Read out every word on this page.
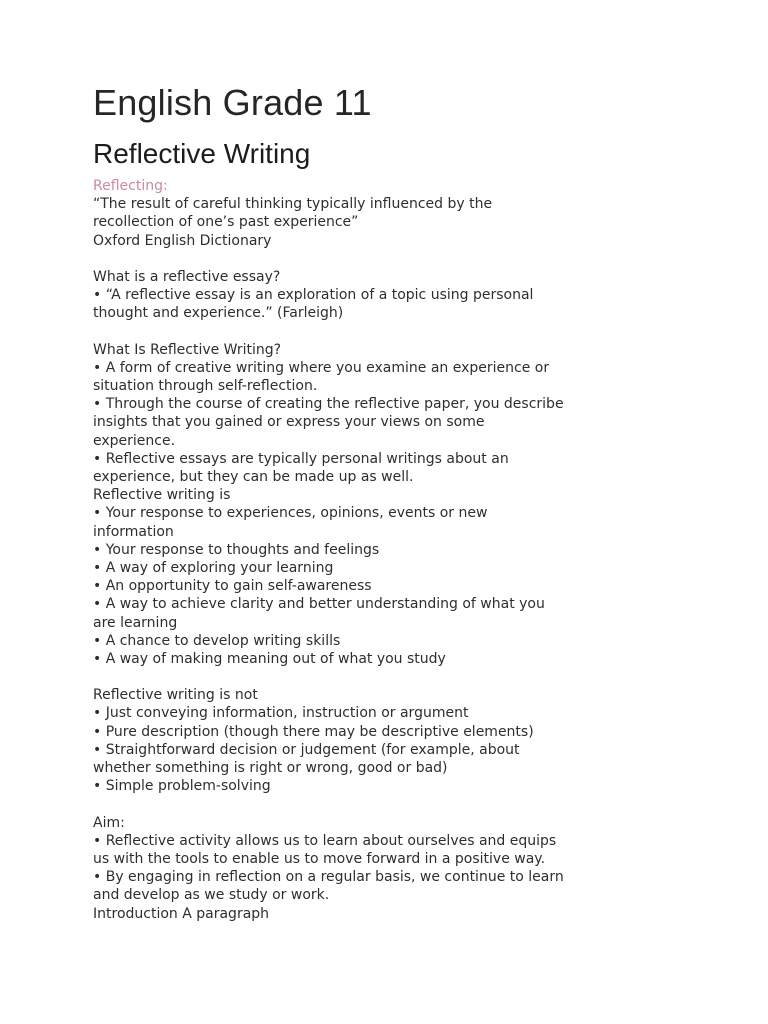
English Grade 11
Reflective Writing
Reflecting:
“The result of careful thinking typically influenced by the
recollection of one’s past experience”
Oxford English Dictionary
What is a reflective essay?
• “A reflective essay is an exploration of a topic using personal
thought and experience.” (Farleigh)
What Is Reflective Writing?
• A form of creative writing where you examine an experience or
situation through self-reflection.
• Through the course of creating the reflective paper, you describe
insights that you gained or express your views on some
experience.
• Reflective essays are typically personal writings about an
experience, but they can be made up as well.
Reflective writing is
• Your response to experiences, opinions, events or new
information
• Your response to thoughts and feelings
• A way of exploring your learning
• An opportunity to gain self-awareness
• A way to achieve clarity and better understanding of what you
are learning
• A chance to develop writing skills
• A way of making meaning out of what you study
Reflective writing is not
• Just conveying information, instruction or argument
• Pure description (though there may be descriptive elements)
• Straightforward decision or judgement (for example, about
whether something is right or wrong, good or bad)
• Simple problem-solving
Aim:
• Reflective activity allows us to learn about ourselves and equips
us with the tools to enable us to move forward in a positive way.
• By engaging in reflection on a regular basis, we continue to learn
and develop as we study or work.
Introduction A paragraph
